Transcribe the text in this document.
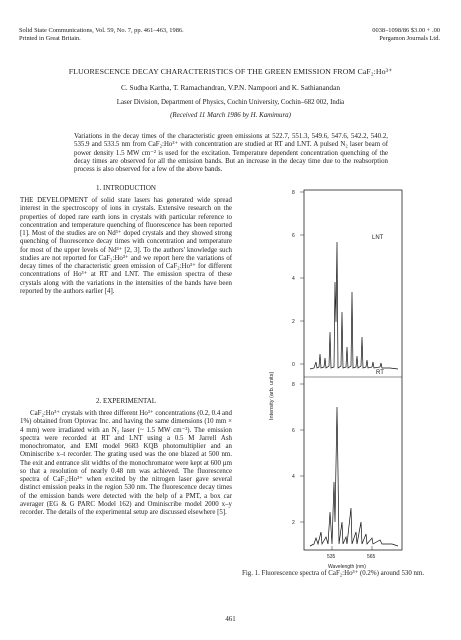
Solid State Communications, Vol. 59, No. 7, pp. 461–463, 1986.
Printed in Great Britain.
0038–1098/86 $3.00 + .00
Pergamon Journals Ltd.
FLUORESCENCE DECAY CHARACTERISTICS OF THE GREEN EMISSION FROM CaF₂:Ho³⁺
C. Sudha Kartha, T. Ramachandran, V.P.N. Nampoori and K. Sathianandan
Laser Division, Department of Physics, Cochin University, Cochin–682 002, India
(Received 11 March 1986 by H. Kamimura)
Variations in the decay times of the characteristic green emissions at 522.7, 551.3, 549.6, 547.6, 542.2, 540.2, 535.9 and 533.5 nm from CaF₂:Ho³⁺ with concentration are studied at RT and LNT. A pulsed N₂ laser beam of power density 1.5 MW cm⁻² is used for the excitation. Temperature dependent concentration quenching of the decay times are observed for all the emission bands. But an increase in the decay time due to the reabsorption process is also observed for a few of the above bands.
1. INTRODUCTION

THE DEVELOPMENT of solid state lasers has generated wide spread interest in the spectroscopy of ions in crystals. Extensive research on the properties of doped rare earth ions in crystals with particular reference to concentration and temperature quenching of fluorescence has been reported [1]. Most of the studies are on Nd³⁺ doped crystals and they showed strong quenching of fluorescence decay times with concentration and temperature for most of the upper levels of Nd³⁺ [2, 3]. To the authors' knowledge such studies are not reported for CaF₂:Ho³⁺ and we report here the variations of decay times of the characteristic green emission of CaF₂:Ho³⁺ for different concentrations of Ho³⁺ at RT and LNT. The emission spectra of these crystals along with the variations in the intensities of the bands have been reported by the authors earlier [4].

2. EXPERIMENTAL

CaF₂:Ho³⁺ crystals with three different Ho³⁺ concentrations (0.2, 0.4 and 1%) obtained from Optovac Inc. and having the same dimensions (10 mm × 4 mm) were irradiated with an N₂ laser (~ 1.5 MW cm⁻²). The emission spectra were recorded at RT and LNT using a 0.5 M Jarrell Ash monochromator, and EMI model 9683 KQB photomultiplier and an Ominiscribe x–t recorder. The grating used was the one blazed at 500 nm. The exit and entrance slit widths of the monochromator were kept at 600 µm so that a resolution of nearly 0.48 nm was achieved. The fluorescence spectra of CaF₂:Ho³⁺ when excited by the nitrogen laser gave several distinct emission peaks in the region 530 nm. The fluorescence decay times of the emission bands were detected with the help of a PMT, a box car averager (EG & G PARC Model 162) and Ominiscribe model 2000 x–y recorder. The details of the experimental setup are discussed elsewhere [5].

8
6
4
2
0
LNT
8
6
4
2
RT
535	565
Wavelength (nm)
Intensity (arb. units)
Fig. 1. Fluorescence spectra of CaF₂:Ho³⁺ (0.2%) around 530 nm.
461
